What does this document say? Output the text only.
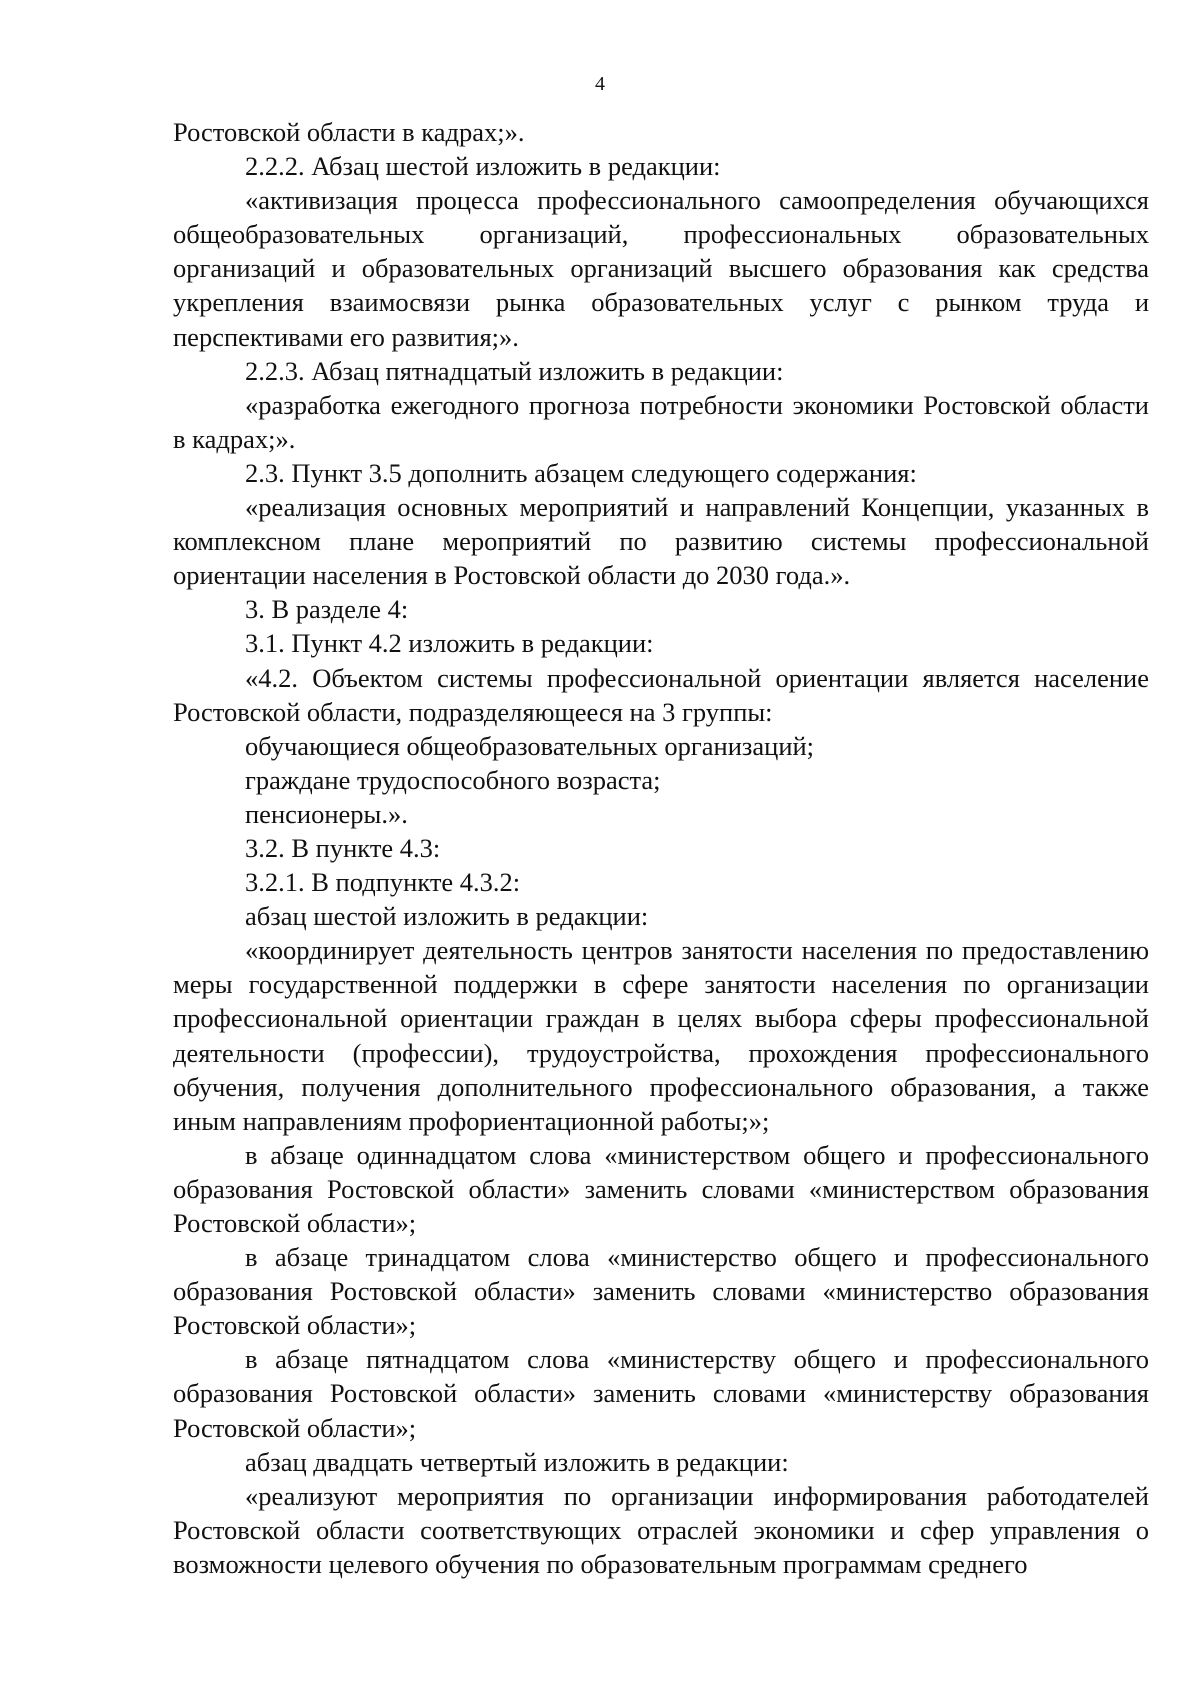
4

Ростовской области в кадрах;».

2.2.2. Абзац шестой изложить в редакции:

«активизация процесса профессионального самоопределения обучающихся общеобразовательных организаций, профессиональных образовательных организаций и образовательных организаций высшего образования как средства укрепления взаимосвязи рынка образовательных услуг с рынком труда и перспективами его развития;».

2.2.3. Абзац пятнадцатый изложить в редакции:

«разработка ежегодного прогноза потребности экономики Ростовской области в кадрах;».

2.3. Пункт 3.5 дополнить абзацем следующего содержания:

«реализация основных мероприятий и направлений Концепции, указанных в комплексном плане мероприятий по развитию системы профессиональной ориентации населения в Ростовской области до 2030 года.».

3. В разделе 4:

3.1. Пункт 4.2 изложить в редакции:

«4.2. Объектом системы профессиональной ориентации является население Ростовской области, подразделяющееся на 3 группы:

обучающиеся общеобразовательных организаций;

граждане трудоспособного возраста;

пенсионеры.».

3.2. В пункте 4.3:

3.2.1. В подпункте 4.3.2:

абзац шестой изложить в редакции:

«координирует деятельность центров занятости населения по предоставлению меры государственной поддержки в сфере занятости населения по организации профессиональной ориентации граждан в целях выбора сферы профессиональной деятельности (профессии), трудоустройства, прохождения профессионального обучения, получения дополнительного профессионального образования, а также иным направлениям профориентационной работы;»;

в абзаце одиннадцатом слова «министерством общего и профессионального образования Ростовской области» заменить словами «министерством образования Ростовской области»;

в абзаце тринадцатом слова «министерство общего и профессионального образования Ростовской области» заменить словами «министерство образования Ростовской области»;

в абзаце пятнадцатом слова «министерству общего и профессионального образования Ростовской области» заменить словами «министерству образования Ростовской области»;

абзац двадцать четвертый изложить в редакции:

«реализуют мероприятия по организации информирования работодателей Ростовской области соответствующих отраслей экономики и сфер управления о возможности целевого обучения по образовательным программам среднего
